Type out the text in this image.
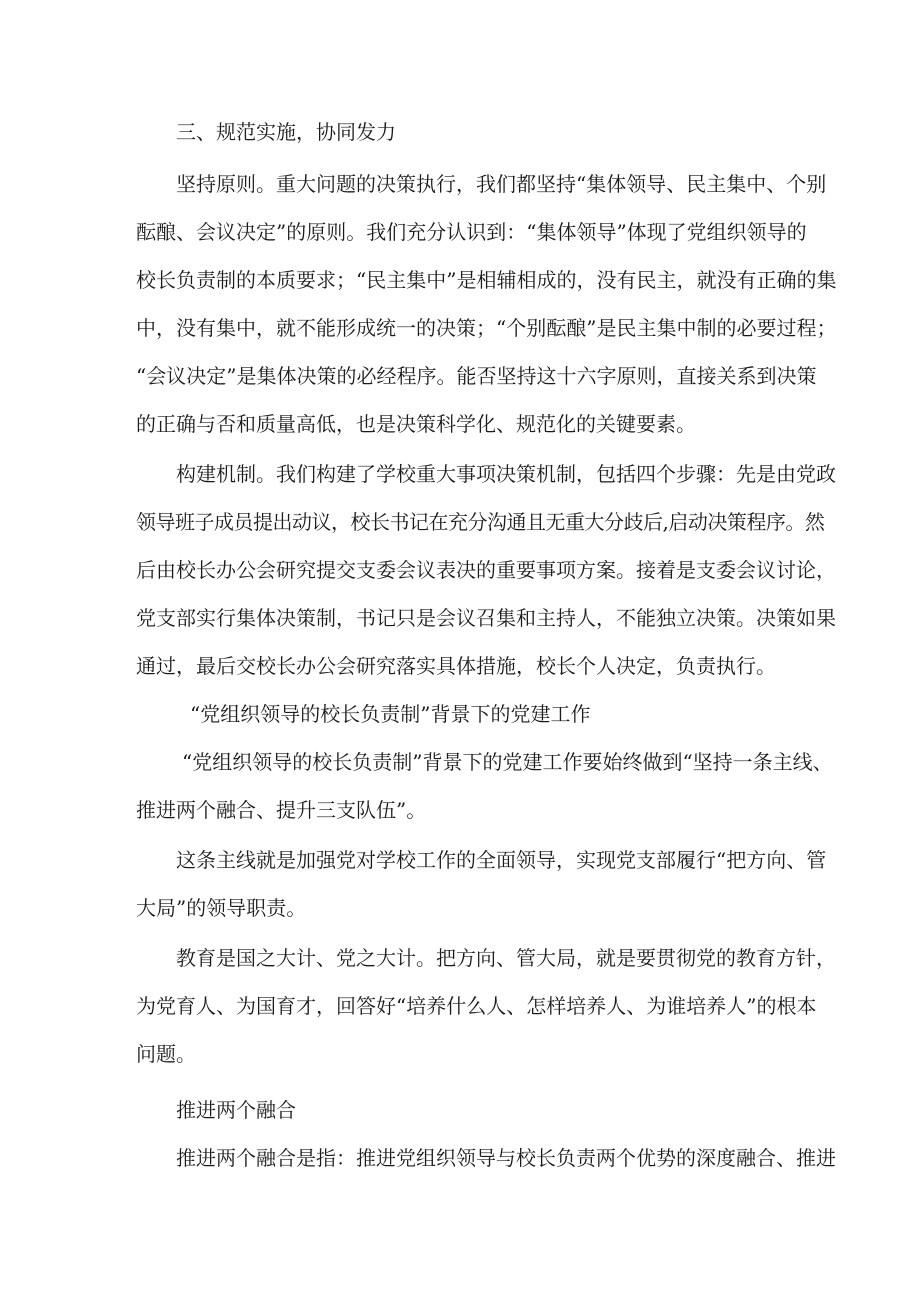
三、规范实施，协同发力
坚持原则。重大问题的决策执行，我们都坚持“集体领导、民主集中、个别
酝酿、会议决定”的原则。我们充分认识到：“集体领导”体现了党组织领导的
校长负责制的本质要求；“民主集中”是相辅相成的，没有民主，就没有正确的集
中，没有集中，就不能形成统一的决策；“个别酝酿”是民主集中制的必要过程；
“会议决定”是集体决策的必经程序。能否坚持这十六字原则，直接关系到决策
的正确与否和质量高低，也是决策科学化、规范化的关键要素。
构建机制。我们构建了学校重大事项决策机制，包括四个步骤：先是由党政
领导班子成员提出动议，校长书记在充分沟通且无重大分歧后,启动决策程序。然
后由校长办公会研究提交支委会议表决的重要事项方案。接着是支委会议讨论，
党支部实行集体决策制，书记只是会议召集和主持人，不能独立决策。决策如果
通过，最后交校长办公会研究落实具体措施，校长个人决定，负责执行。
“党组织领导的校长负责制”背景下的党建工作
“党组织领导的校长负责制”背景下的党建工作要始终做到“坚持一条主线、
推进两个融合、提升三支队伍”。
这条主线就是加强党对学校工作的全面领导，实现党支部履行“把方向、管
大局”的领导职责。
教育是国之大计、党之大计。把方向、管大局，就是要贯彻党的教育方针，
为党育人、为国育才，回答好“培养什么人、怎样培养人、为谁培养人”的根本
问题。
推进两个融合
推进两个融合是指：推进党组织领导与校长负责两个优势的深度融合、推进
